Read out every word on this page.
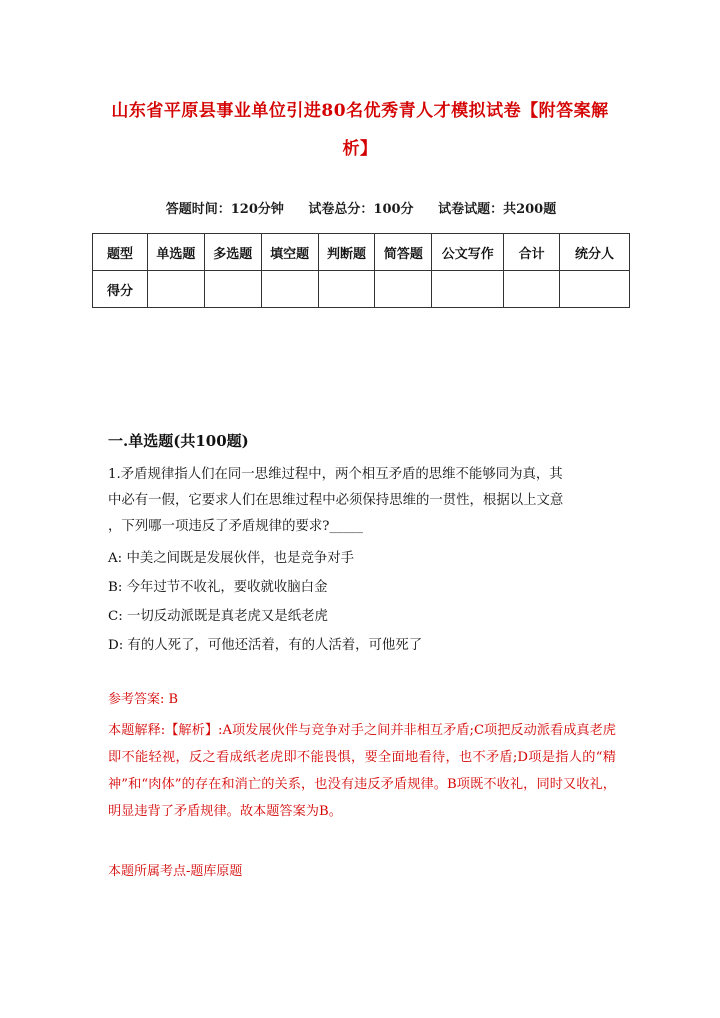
山东省平原县事业单位引进80名优秀青人才模拟试卷【附答案解
析】
答题时间：120分钟 试卷总分：100分 试卷试题：共200题
题型	单选题	多选题	填空题	判断题	简答题	公文写作	合计	统分人
得分								
一.单选题(共100题)

1.矛盾规律指人们在同一思维过程中，两个相互矛盾的思维不能够同为真，其

中必有一假，它要求人们在思维过程中必须保持思维的一贯性，根据以上文意

，下列哪一项违反了矛盾规律的要求?_____

A: 中美之间既是发展伙伴，也是竞争对手

B: 今年过节不收礼，要收就收脑白金

C: 一切反动派既是真老虎又是纸老虎

D: 有的人死了，可他还活着，有的人活着，可他死了

参考答案: B
本题解释:【解析】:A项发展伙伴与竞争对手之间并非相互矛盾;C项把反动派看成真老虎即不能轻视，反之看成纸老虎即不能畏惧，要全面地看待，也不矛盾;D项是指人的“精神”和“肉体”的存在和消亡的关系，也没有违反矛盾规律。B项既不收礼，同时又收礼，明显违背了矛盾规律。故本题答案为B。
本题所属考点-题库原题
